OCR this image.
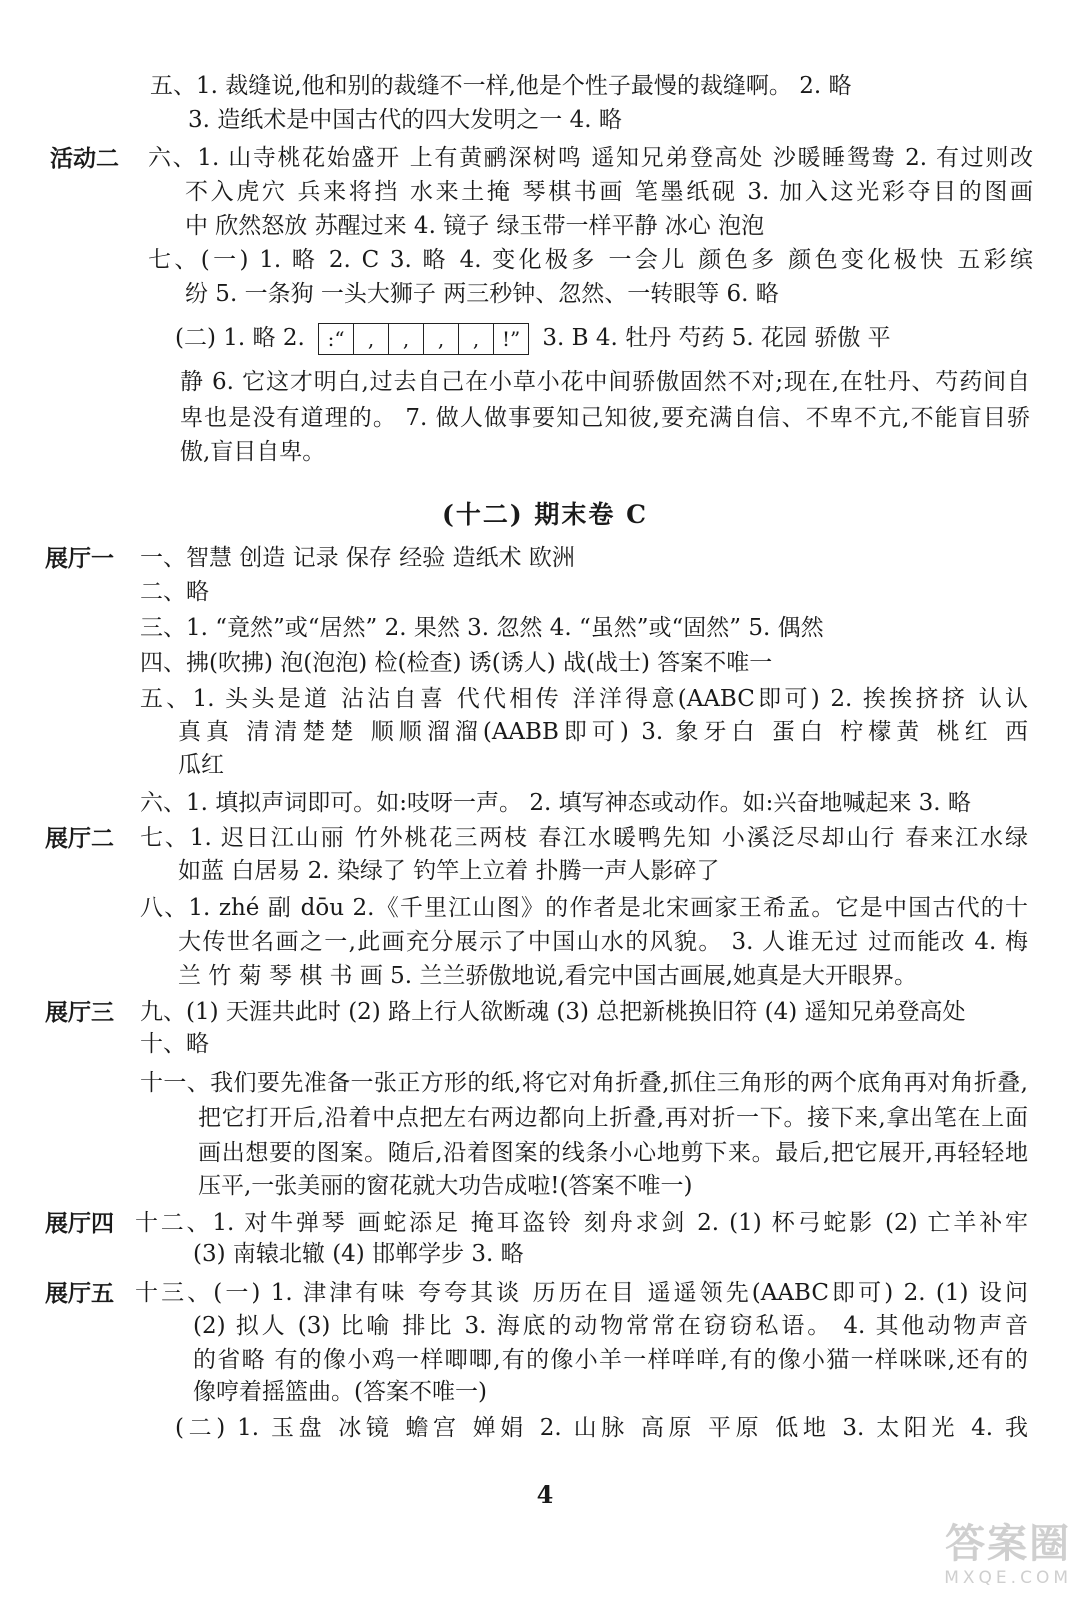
五、1. 裁缝说,他和别的裁缝不一样,他是个性子最慢的裁缝啊。 2. 略
3. 造纸术是中国古代的四大发明之一 4. 略
活动二 六、1. 山寺桃花始盛开 上有黄鹂深树鸣 遥知兄弟登高处 沙暖睡鸳鸯 2. 有过则改
不入虎穴 兵来将挡 水来土掩 琴棋书画 笔墨纸砚 3. 加入这光彩夺目的图画
中 欣然怒放 苏醒过来 4. 镜子 绿玉带一样平静 冰心 泡泡
七、(一) 1. 略 2. C 3. 略 4. 变化极多 一会儿 颜色多 颜色变化极快 五彩缤
纷 5. 一条狗 一头大狮子 两三秒钟、忽然、一转眼等 6. 略
(二) 1. 略 2.	:“	,	,	,	,	!” 3. B 4. 牡丹 芍药 5. 花园 骄傲 平
静 6. 它这才明白,过去自己在小草小花中间骄傲固然不对;现在,在牡丹、芍药间自
卑也是没有道理的。 7. 做人做事要知己知彼,要充满自信、不卑不亢,不能盲目骄
傲,盲目自卑。
(十二) 期末卷 C
展厅一 一、智慧 创造 记录 保存 经验 造纸术 欧洲
二、略
三、1. “竟然”或“居然” 2. 果然 3. 忽然 4. “虽然”或“固然” 5. 偶然
四、拂(吹拂) 泡(泡泡) 检(检查) 诱(诱人) 战(战士) 答案不唯一
五、1. 头头是道 沾沾自喜 代代相传 洋洋得意(AABC即可) 2. 挨挨挤挤 认认
真真 清清楚楚 顺顺溜溜(AABB即可) 3. 象牙白 蛋白 柠檬黄 桃红 西
瓜红
六、1. 填拟声词即可。如:吱呀一声。 2. 填写神态或动作。如:兴奋地喊起来 3. 略
展厅二 七、1. 迟日江山丽 竹外桃花三两枝 春江水暖鸭先知 小溪泛尽却山行 春来江水绿
如蓝 白居易 2. 染绿了 钓竿上立着 扑腾一声人影碎了
八、1. zhé 副 dōu 2.《千里江山图》的作者是北宋画家王希孟。它是中国古代的十
大传世名画之一,此画充分展示了中国山水的风貌。 3. 人谁无过 过而能改 4. 梅
兰 竹 菊 琴 棋 书 画 5. 兰兰骄傲地说,看完中国古画展,她真是大开眼界。
展厅三 九、(1) 天涯共此时 (2) 路上行人欲断魂 (3) 总把新桃换旧符 (4) 遥知兄弟登高处
十、略
十一、我们要先准备一张正方形的纸,将它对角折叠,抓住三角形的两个底角再对角折叠,
把它打开后,沿着中点把左右两边都向上折叠,再对折一下。接下来,拿出笔在上面
画出想要的图案。随后,沿着图案的线条小心地剪下来。最后,把它展开,再轻轻地
压平,一张美丽的窗花就大功告成啦!(答案不唯一)
展厅四 十二、1. 对牛弹琴 画蛇添足 掩耳盗铃 刻舟求剑 2. (1) 杯弓蛇影 (2) 亡羊补牢
(3) 南辕北辙 (4) 邯郸学步 3. 略
展厅五 十三、(一) 1. 津津有味 夸夸其谈 历历在目 遥遥领先(AABC即可) 2. (1) 设问
(2) 拟人 (3) 比喻 排比 3. 海底的动物常常在窃窃私语。 4. 其他动物声音
的省略 有的像小鸡一样唧唧,有的像小羊一样咩咩,有的像小猫一样咪咪,还有的
像哼着摇篮曲。(答案不唯一)
(二) 1. 玉盘 冰镜 蟾宫 婵娟 2. 山脉 高原 平原 低地 3. 太阳光 4. 我
4
答案圈
MXQE.COM
